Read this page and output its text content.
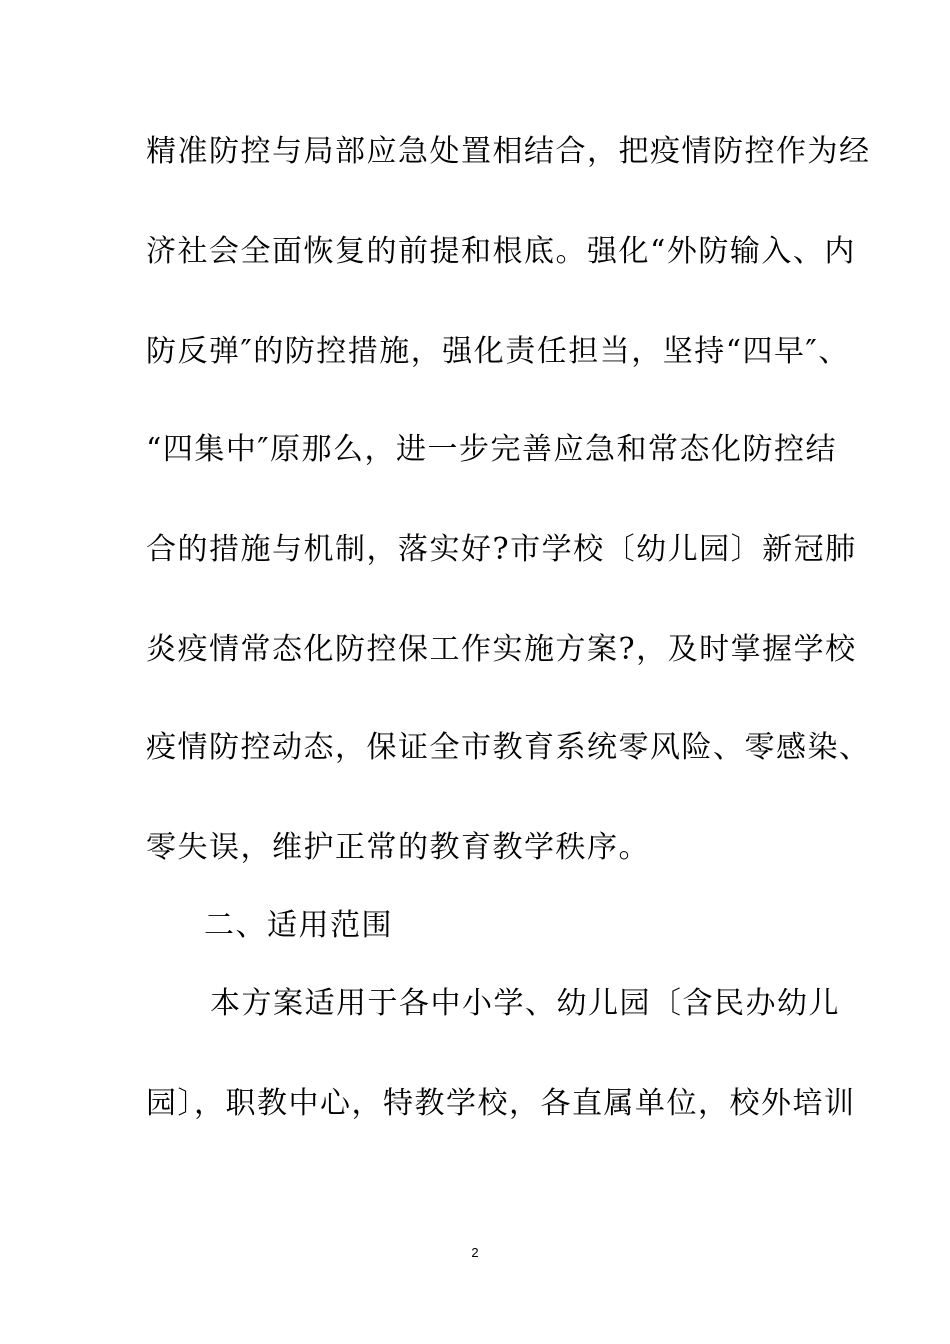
精准防控与局部应急处置相结合，把疫情防控作为经
济社会全面恢复的前提和根底。强化“外防输入、内
防反弹″的防控措施，强化责任担当，坚持“四早″、
“四集中″原那么，进一步完善应急和常态化防控结
合的措施与机制，落实好?市学校〔幼儿园〕新冠肺
炎疫情常态化防控保工作实施方案?，及时掌握学校
疫情防控动态，保证全市教育系统零风险、零感染、
零失误，维护正常的教育教学秩序。
二、适用范围
本方案适用于各中小学、幼儿园〔含民办幼儿
园〕，职教中心，特教学校，各直属单位，校外培训
2
